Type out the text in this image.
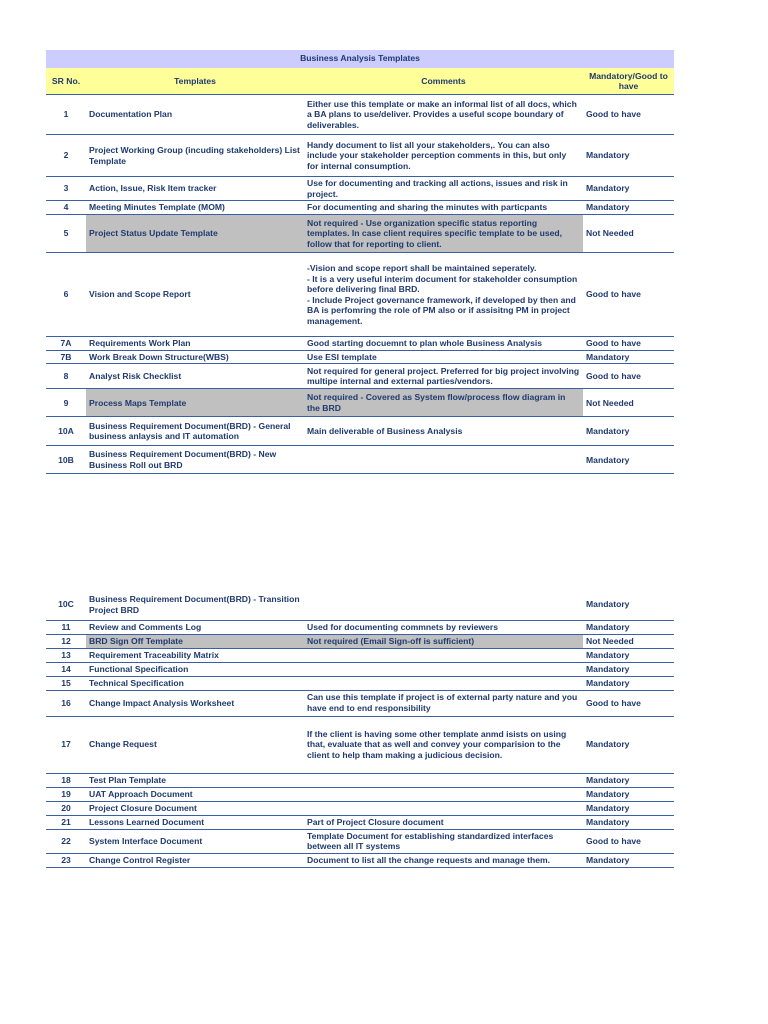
Business Analysis Templates			
SR No.	Templates	Comments	Mandatory/Good to have
1	Documentation Plan	Either use this template or make an informal list of all docs, which a BA plans to use/deliver. Provides a useful scope boundary of deliverables.	Good to have
2	Project Working Group (incuding stakeholders) List Template	Handy document to list all your stakeholders,. You can also include your stakeholder perception comments in this, but only for internal consumption.	Mandatory
3	Action, Issue, Risk Item tracker	Use for documenting and tracking all actions, issues and risk in project.	Mandatory
4	Meeting Minutes Template (MOM)	For documenting and sharing the minutes with particpants	Mandatory
5	Project Status Update Template	Not required - Use organization specific status reporting templates. In case client requires specific template to be used, follow that for reporting to client.	Not Needed
6	Vision and Scope Report	-Vision and scope report shall be maintained seperately.
- It is a very useful interim document for stakeholder consumption before delivering final BRD.
- Include Project governance framework, if developed by then and BA is perfomring the role of PM also or if assisitng PM in project management.	Good to have
7A	Requirements Work Plan	Good starting docuemnt to plan whole Business Analysis	Good to have
7B	Work Break Down Structure(WBS)	Use ESI template	Mandatory
8	Analyst Risk Checklist	Not required for general project. Preferred for big project involving multipe internal and external parties/vendors.	Good to have
9	Process Maps Template	Not required - Covered as System flow/process flow diagram in the BRD	Not Needed
10A	Business Requirement Document(BRD) - General business anlaysis and IT automation	Main deliverable of Business Analysis	Mandatory
10B	Business Requirement Document(BRD) - New Business Roll out BRD		Mandatory
10C	Business Requirement Document(BRD) - Transition Project BRD		Mandatory
11	Review and Comments Log	Used for documenting commnets by reviewers	Mandatory
12	BRD Sign Off Template	Not required (Email Sign-off is sufficient)	Not Needed
13	Requirement Traceability Matrix		Mandatory
14	Functional Specification		Mandatory
15	Technical Specification		Mandatory
16	Change Impact Analysis Worksheet	Can use this template if project is of external party nature and you have end to end responsibility	Good to have
17	Change Request	If the client is having some other template anmd isists on using that, evaluate that as well and convey your comparision to the client to help tham making a judicious decision.	Mandatory
18	Test Plan Template		Mandatory
19	UAT Approach Document		Mandatory
20	Project Closure Document		Mandatory
21	Lessons Learned Document	Part of Project Closure document	Mandatory
22	System Interface Document	Template Document for establishing standardized interfaces between all IT systems	Good to have
23	Change Control Register	Document to list all the change requests and manage them.	Mandatory
